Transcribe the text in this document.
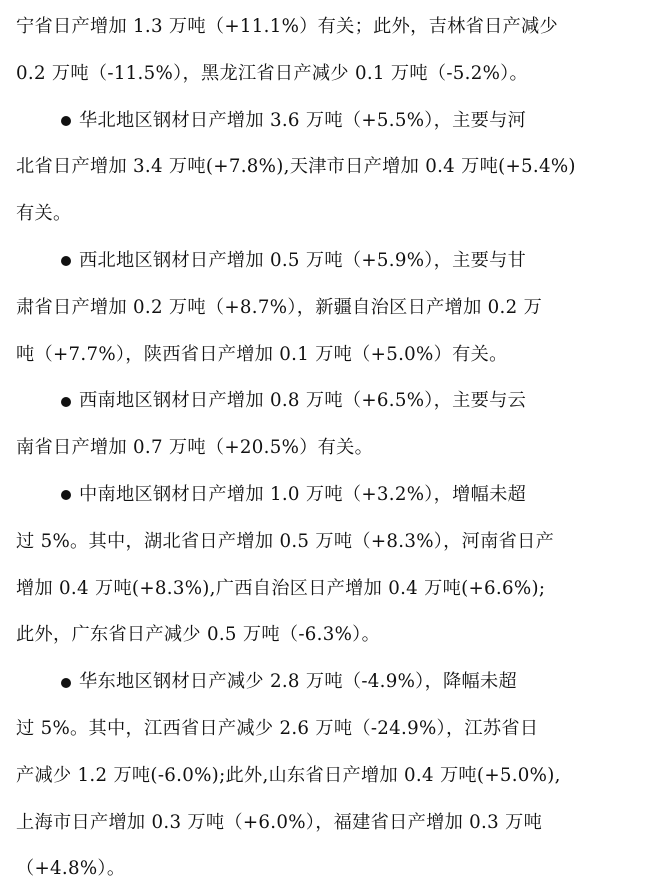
宁省日产增加 1.3 万吨（+11.1%）有关；此外，吉林省日产减少
0.2 万吨（-11.5%），黑龙江省日产减少 0.1 万吨（-5.2%）。
华北地区钢材日产增加 3.6 万吨（+5.5%），主要与河
北省日产增加 3.4 万吨(+7.8%),天津市日产增加 0.4 万吨(+5.4%)
有关。
西北地区钢材日产增加 0.5 万吨（+5.9%），主要与甘
肃省日产增加 0.2 万吨（+8.7%），新疆自治区日产增加 0.2 万
吨（+7.7%），陕西省日产增加 0.1 万吨（+5.0%）有关。
西南地区钢材日产增加 0.8 万吨（+6.5%），主要与云
南省日产增加 0.7 万吨（+20.5%）有关。
中南地区钢材日产增加 1.0 万吨（+3.2%），增幅未超
过 5%。其中，湖北省日产增加 0.5 万吨（+8.3%），河南省日产
增加 0.4 万吨(+8.3%),广西自治区日产增加 0.4 万吨(+6.6%);
此外，广东省日产减少 0.5 万吨（-6.3%）。
华东地区钢材日产减少 2.8 万吨（-4.9%），降幅未超
过 5%。其中，江西省日产减少 2.6 万吨（-24.9%），江苏省日
产减少 1.2 万吨(-6.0%);此外,山东省日产增加 0.4 万吨(+5.0%),
上海市日产增加 0.3 万吨（+6.0%），福建省日产增加 0.3 万吨
（+4.8%）。
